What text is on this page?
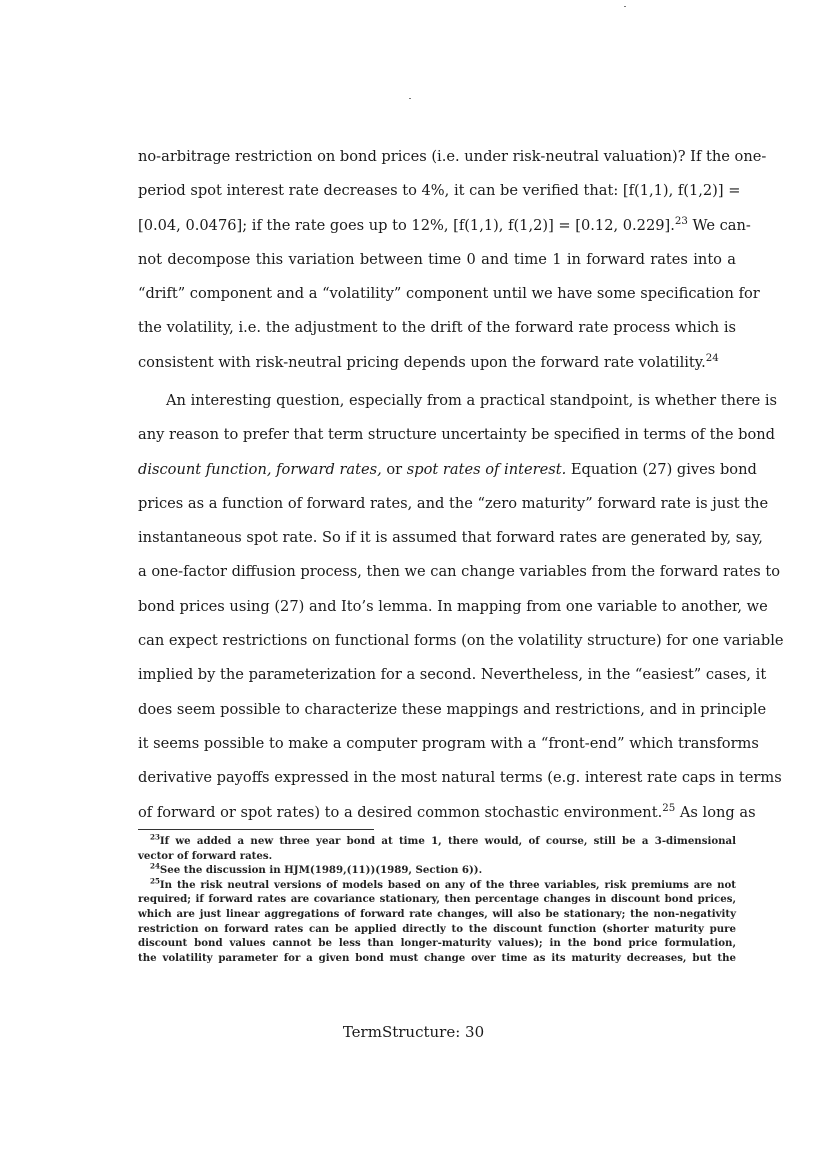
no-arbitrage restriction on bond prices (i.e. under risk-neutral valuation)? If the one-
period spot interest rate decreases to 4%, it can be verified that: [f(1,1), f(1,2)] =
[0.04, 0.0476]; if the rate goes up to 12%, [f(1,1), f(1,2)] = [0.12, 0.229].$^{23}$ We can-
not decompose this variation between time 0 and time 1 in forward rates into a
“drift” component and a “volatility” component until we have some specification for
the volatility, i.e. the adjustment to the drift of the forward rate process which is
consistent with risk-neutral pricing depends upon the forward rate volatility.$^{24}$
An interesting question, especially from a practical standpoint, is whether there is
any reason to prefer that term structure uncertainty be specified in terms of the bond
discount function, forward rates, or spot rates of interest. Equation (27) gives bond
prices as a function of forward rates, and the “zero maturity” forward rate is just the
instantaneous spot rate. So if it is assumed that forward rates are generated by, say,
a one-factor diffusion process, then we can change variables from the forward rates to
bond prices using (27) and Ito’s lemma. In mapping from one variable to another, we
can expect restrictions on functional forms (on the volatility structure) for one variable
implied by the parameterization for a second. Nevertheless, in the “easiest” cases, it
does seem possible to characterize these mappings and restrictions, and in principle
it seems possible to make a computer program with a “front-end” which transforms
derivative payoffs expressed in the most natural terms (e.g. interest rate caps in terms
of forward or spot rates) to a desired common stochastic environment.$^{25}$ As long as
$^{23}$If we added a new three year bond at time 1, there would, of course, still be a 3-dimensional
vector of forward rates.
$^{24}$See the discussion in HJM(1989,(11))(1989, Section 6)).
$^{25}$In the risk neutral versions of models based on any of the three variables, risk premiums are not
required; if forward rates are covariance stationary, then percentage changes in discount bond prices,
which are just linear aggregations of forward rate changes, will also be stationary; the non-negativity
restriction on forward rates can be applied directly to the discount function (shorter maturity pure
discount bond values cannot be less than longer-maturity values); in the bond price formulation,
the volatility parameter for a given bond must change over time as its maturity decreases, but the
TermStructure: 30
